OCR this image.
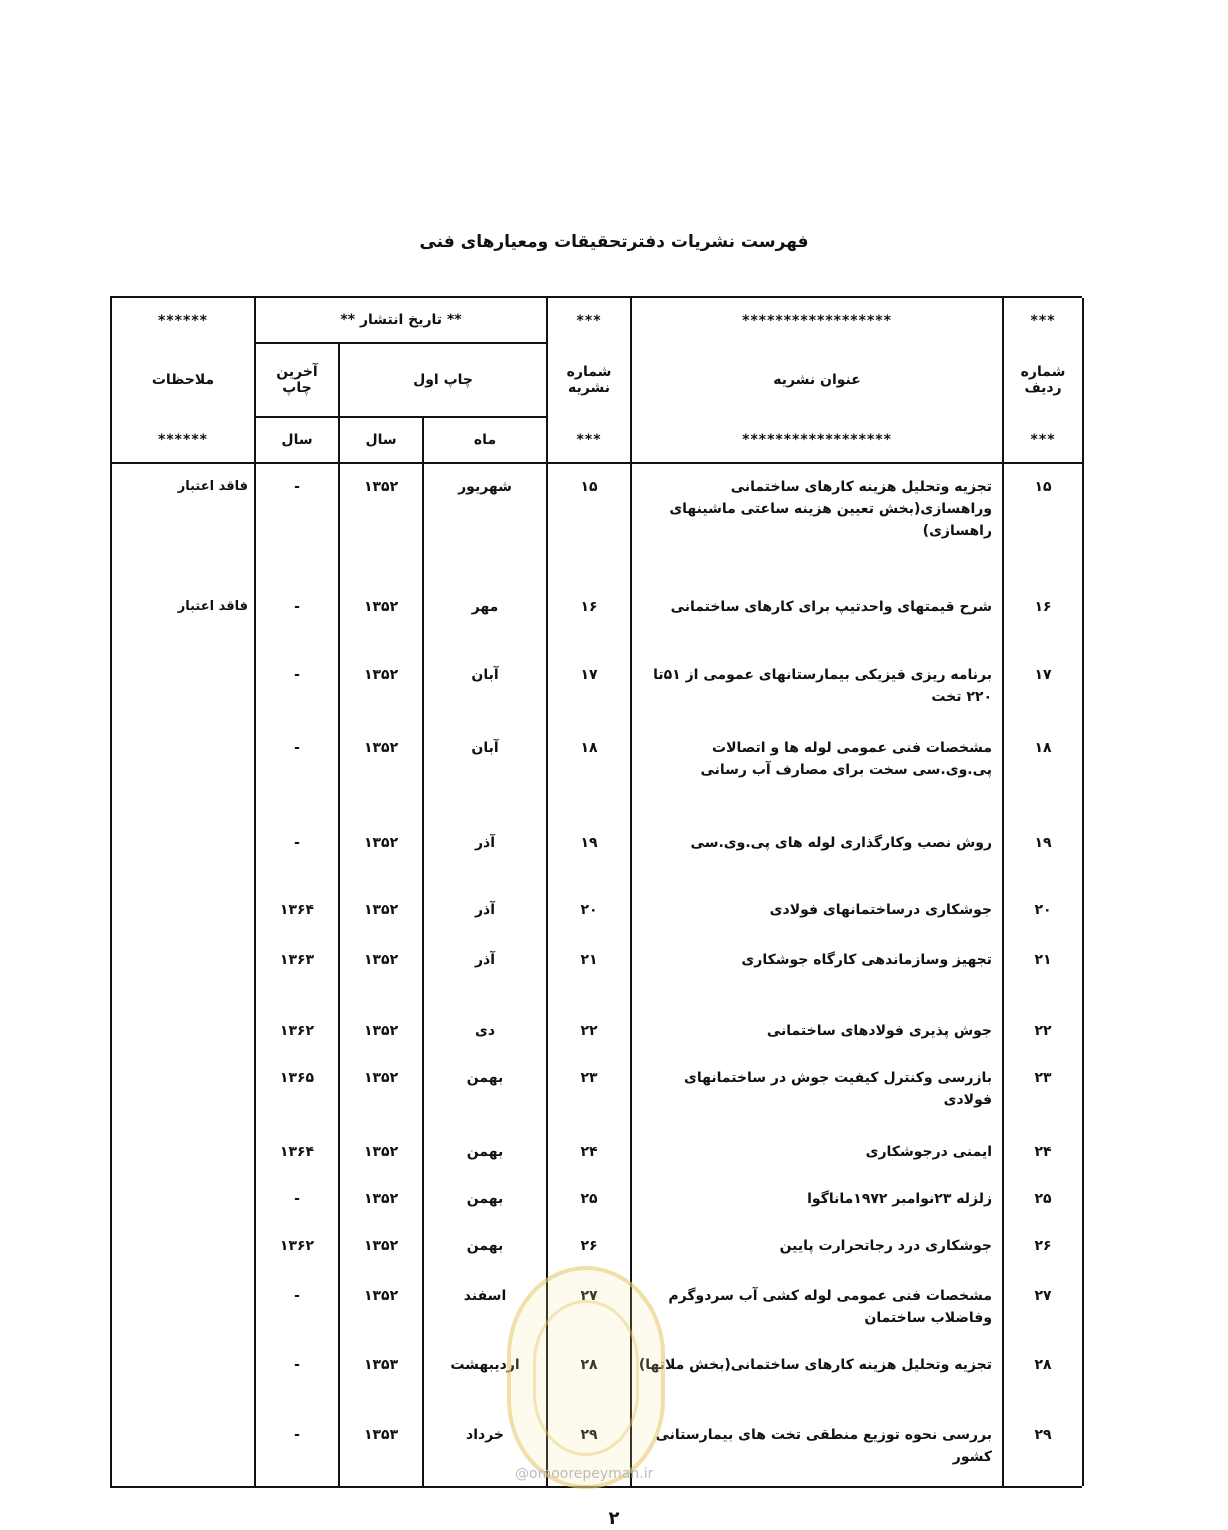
فهرست نشریات دفترتحقیقات ومعیارهای فنی
***	******************	***	** تاریخ انتشار **			******
شماره ردیف	عنوان نشریه	شماره نشریه	چاپ اول		آخرین چاپ	ملاحظات
***	******************	***	ماه	سال	سال	******
۱۵	تجزیه وتحلیل هزینه کارهای ساختمانی وراهسازی(بخش تعیین هزینه ساعتی ماشینهای راهسازی)	۱۵	شهریور	۱۳۵۲	-	فاقد اعتبار
۱۶	شرح قیمتهای واحدتیپ برای کارهای ساختمانی	۱۶	مهر	۱۳۵۲	-	فاقد اعتبار
۱۷	برنامه ریزی فیزیکی بیمارستانهای عمومی از ۵۱تا ۲۲۰ تخت	۱۷	آبان	۱۳۵۲	-	
۱۸	مشخصات فنی عمومی لوله ها و اتصالات پی.وی.سی سخت برای مصارف آب رسانی	۱۸	آبان	۱۳۵۲	-	
۱۹	روش نصب وکارگذاری لوله های پی.وی.سی	۱۹	آذر	۱۳۵۲	-	
۲۰	جوشکاری درساختمانهای فولادی	۲۰	آذر	۱۳۵۲	۱۳۶۴	
۲۱	تجهیز وسازماندهی کارگاه جوشکاری	۲۱	آذر	۱۳۵۲	۱۳۶۳	
۲۲	جوش پذیری فولادهای ساختمانی	۲۲	دی	۱۳۵۲	۱۳۶۲	
۲۳	بازرسی وکنترل کیفیت جوش در ساختمانهای فولادی	۲۳	بهمن	۱۳۵۲	۱۳۶۵	
۲۴	ایمنی درجوشکاری	۲۴	بهمن	۱۳۵۲	۱۳۶۴	
۲۵	زلزله ۲۳نوامبر ۱۹۷۲ماناگوا	۲۵	بهمن	۱۳۵۲	-	
۲۶	جوشکاری درد رجاتحرارت پایین	۲۶	بهمن	۱۳۵۲	۱۳۶۲	
۲۷	مشخصات فنی عمومی لوله کشی آب سردوگرم وفاضلاب ساختمان	۲۷	اسفند	۱۳۵۲	-	
۲۸	تجزیه وتحلیل هزینه کارهای ساختمانی(بخش ملاتها)	۲۸	اردیبهشت	۱۳۵۳	-	
۲۹	بررسی نحوه توزیع منطقی تخت های بیمارستانی کشور	۲۹	خرداد	۱۳۵۳	-	
@omoorepeyman.ir
۲
